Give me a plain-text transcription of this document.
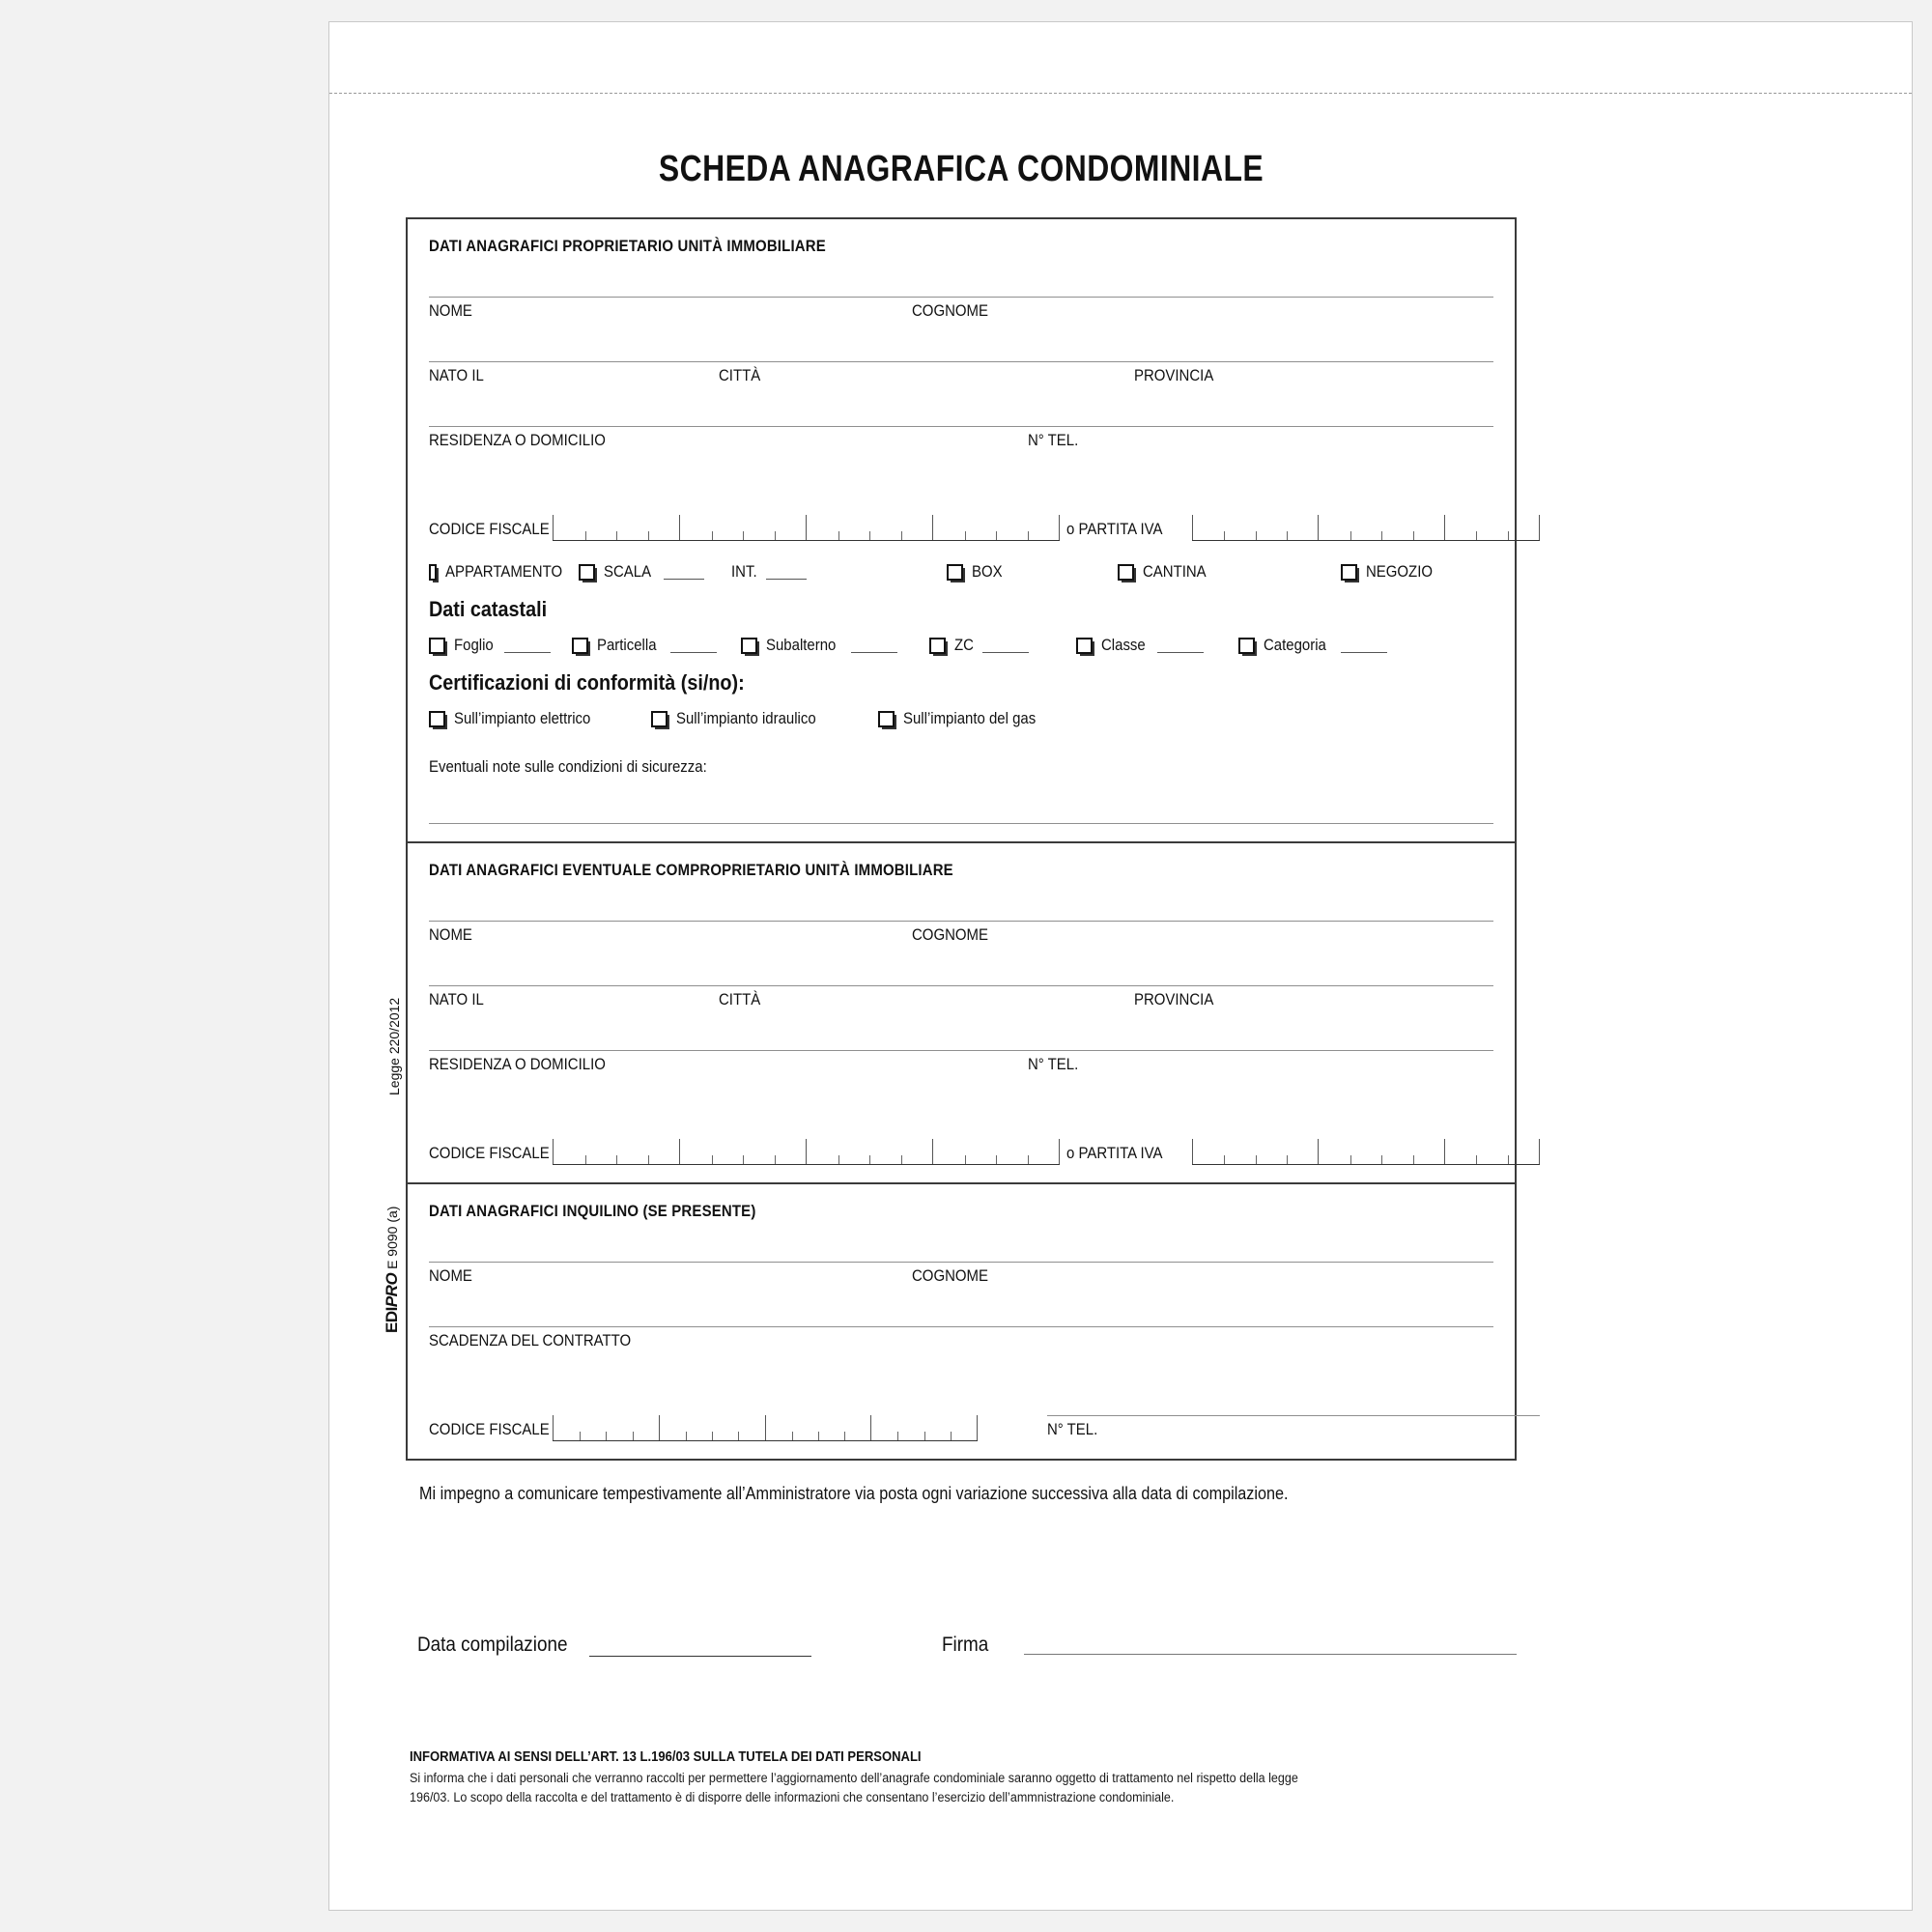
Legge 220/2012
EDIPRO E 9090 (a)
SCHEDA ANAGRAFICA CONDOMINIALE
DATI ANAGRAFICI PROPRIETARIO UNITÀ IMMOBILIARE
NOME	COGNOME
NATO IL	CITTÀ	PROVINCIA
RESIDENZA O DOMICILIO	N° TEL.
CODICE FISCALE	o PARTITA IVA
APPARTAMENTO	SCALA	INT.	BOX	CANTINA	NEGOZIO
Dati catastali
Foglio	Particella	Subalterno	ZC	Classe	Categoria
Certificazioni di conformità (si/no):
Sull’impianto elettrico	Sull’impianto idraulico	Sull’impianto del gas
Eventuali note sulle condizioni di sicurezza:
DATI ANAGRAFICI EVENTUALE COMPROPRIETARIO UNITÀ IMMOBILIARE
NOME	COGNOME
NATO IL	CITTÀ	PROVINCIA
RESIDENZA O DOMICILIO	N° TEL.
CODICE FISCALE	o PARTITA IVA
DATI ANAGRAFICI INQUILINO (SE PRESENTE)
NOME	COGNOME
SCADENZA DEL CONTRATTO
CODICE FISCALE	N° TEL.
Mi impegno a comunicare tempestivamente all’Amministratore via posta ogni variazione successiva alla data di compilazione.
Data compilazione	Firma
INFORMATIVA AI SENSI DELL’ART. 13 L.196/03 SULLA TUTELA DEI DATI PERSONALI
Si informa che i dati personali che verranno raccolti per permettere l’aggiornamento dell’anagrafe condominiale saranno oggetto di trattamento nel rispetto della legge 196/03. Lo scopo della raccolta e del trattamento è di disporre delle informazioni che consentano l’esercizio dell’ammnistrazione condominiale.
